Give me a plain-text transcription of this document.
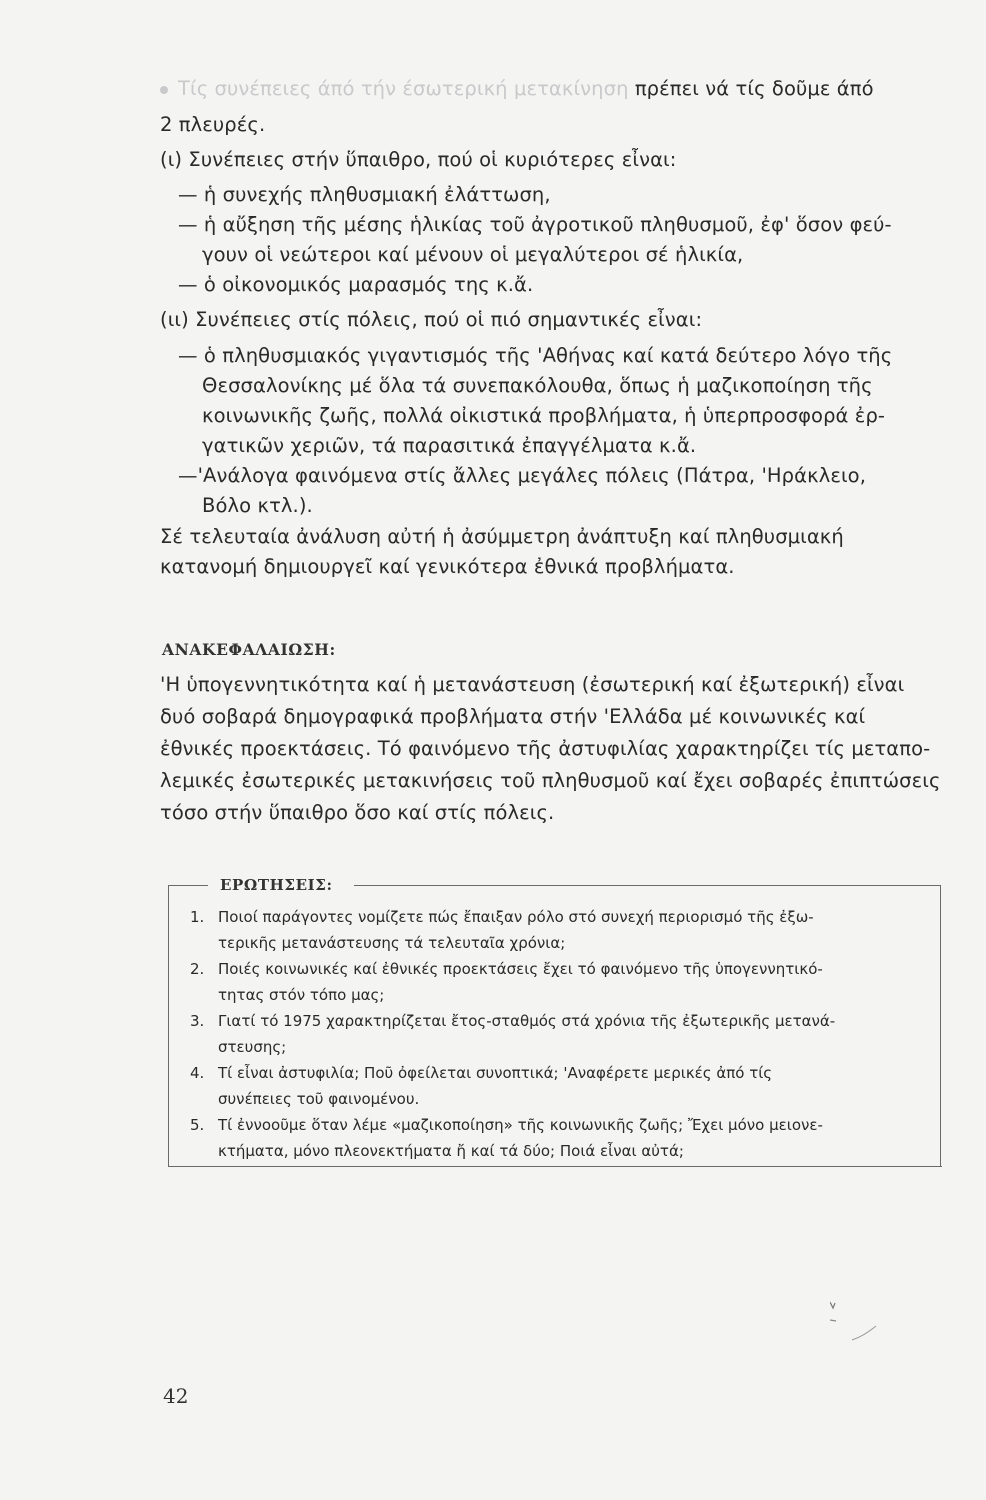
Τίς συνέπειες άπό τήν έσωτερική μετακίνηση πρέπει νά τίς δοῦμε άπό
2 πλευρές.
(ι) Συνέπειες στήν ὕπαιθρο, πού οἱ κυριότερες εἶναι:
— ἡ συνεχής πληθυσμιακή ἐλάττωση,
— ἡ αὔξηση τῆς μέσης ἡλικίας τοῦ ἀγροτικοῦ πληθυσμοῦ, ἐφ' ὅσον φεύ-
γουν οἱ νεώτεροι καί μένουν οἱ μεγαλύτεροι σέ ἡλικία,
— ὁ οἰκονομικός μαρασμός της κ.ἄ.
(ιι) Συνέπειες στίς πόλεις, πού οἱ πιό σημαντικές εἶναι:
— ὁ πληθυσμιακός γιγαντισμός τῆς 'Αθήνας καί κατά δεύτερο λόγο τῆς
Θεσσαλονίκης μέ ὅλα τά συνεπακόλουθα, ὅπως ἡ μαζικοποίηση τῆς
κοινωνικῆς ζωῆς, πολλά οἰκιστικά προβλήματα, ἡ ὑπερπροσφορά ἐρ-
γατικῶν χεριῶν, τά παρασιτικά ἐπαγγέλματα κ.ἄ.
—'Ανάλογα φαινόμενα στίς ἄλλες μεγάλες πόλεις (Πάτρα, 'Ηράκλειο,
Βόλο κτλ.).
Σέ τελευταία ἀνάλυση αὐτή ἡ ἀσύμμετρη ἀνάπτυξη καί πληθυσμιακή
κατανομή δημιουργεῖ καί γενικότερα ἐθνικά προβλήματα.
ΑΝΑΚΕΦΑΛΑΙΩΣΗ:
'Η ὑπογεννητικότητα καί ἡ μετανάστευση (ἐσωτερική καί ἐξωτερική) εἶναι
δυό σοβαρά δημογραφικά προβλήματα στήν 'Ελλάδα μέ κοινωνικές καί
ἐθνικές προεκτάσεις. Τό φαινόμενο τῆς ἀστυφιλίας χαρακτηρίζει τίς μεταπο-
λεμικές ἐσωτερικές μετακινήσεις τοῦ πληθυσμοῦ καί ἔχει σοβαρές ἐπιπτώσεις
τόσο στήν ὕπαιθρο ὅσο καί στίς πόλεις.
ΕΡΩΤΗΣΕΙΣ:
1. Ποιοί παράγοντες νομίζετε πώς ἔπαιξαν ρόλο στό συνεχή περιορισμό τῆς ἐξω-
τερικῆς μετανάστευσης τά τελευταῖα χρόνια;
2. Ποιές κοινωνικές καί ἐθνικές προεκτάσεις ἔχει τό φαινόμενο τῆς ὑπογεννητικό-
τητας στόν τόπο μας;
3. Γιατί τό 1975 χαρακτηρίζεται ἔτος-σταθμός στά χρόνια τῆς ἐξωτερικῆς μετανά-
στευσης;
4. Τί εἶναι ἀστυφιλία; Ποῦ ὀφείλεται συνοπτικά; 'Αναφέρετε μερικές ἀπό τίς
συνέπειες τοῦ φαινομένου.
5. Τί ἐννοοῦμε ὅταν λέμε «μαζικοποίηση» τῆς κοινωνικῆς ζωῆς; Ἔχει μόνο μειονε-
κτήματα, μόνο πλεονεκτήματα ἤ καί τά δύο; Ποιά εἶναι αὐτά;
42
